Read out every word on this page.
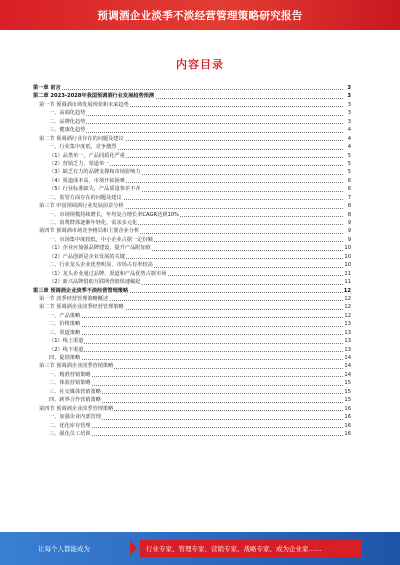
预调酒企业淡季不淡经营管理策略研究报告
内容目录
第一章 前言	3
第二章 2023-2028年我国预调酒行业发展趋势预测	3
第一节 预调酒市场发展现状和未来趋势	3
一、高端化趋势	3
二、品牌化趋势	3
三、健康化趋势	4
第二节 预调酒行业存在的问题及建议	4
一、行业集中度低，竞争激烈	4
（1）品类单一，产品同质化严重	5
（2）营销乏力，渠道单一	5
（3）缺乏有力的品牌支撑和市场影响力	5
（4）渠道成本高，市场开拓困难	6
（5）行业标准缺失，产品质量参差不齐	6
二、监管方面存在的问题及建议	7
第三节 中国预调酒行业发展前景分析	8
一、市场规模持续增长，年均复合增长率CAGR达到10%	8
二、消费群体逐渐年轻化，需求多元化	9
第四节 预调酒市场竞争格局和主要企业分析	9
一、市场集中度较低，中小企业占据一定份额	9
（1）企业应加强品牌建设，提升产品附加值	10
（2）产品创新是企业发展的关键	10
二、行业龙头企业优势明显，市场占有率较高	10
（1）龙头企业通过品牌、渠道和产品优势占据市场	11
（2）新兴品牌借助互联网营销快速崛起	11
第三章 预调酒企业淡季不淡经营管理策略	12
第一节 淡季经营管理策略概述	12
第二节 预调酒企业淡季经营管理策略	12
一、产品策略	12
二、价格策略	13
三、渠道策略	13
（1）线上渠道	13
（2）线下渠道	13
四、促销策略	14
第三节 预调酒企业淡季营销策略	14
一、精准营销策略	14
二、体验营销策略	15
三、社交媒体营销策略	15
四、跨界合作营销策略	15
第四节 预调酒企业淡季管理策略	16
一、加强企业内部管理	16
二、优化库存管理	16
三、强化员工培训	16
让每个人都能成为	行业专家、管理专家、营销专家、战略专家、成为企业家……
